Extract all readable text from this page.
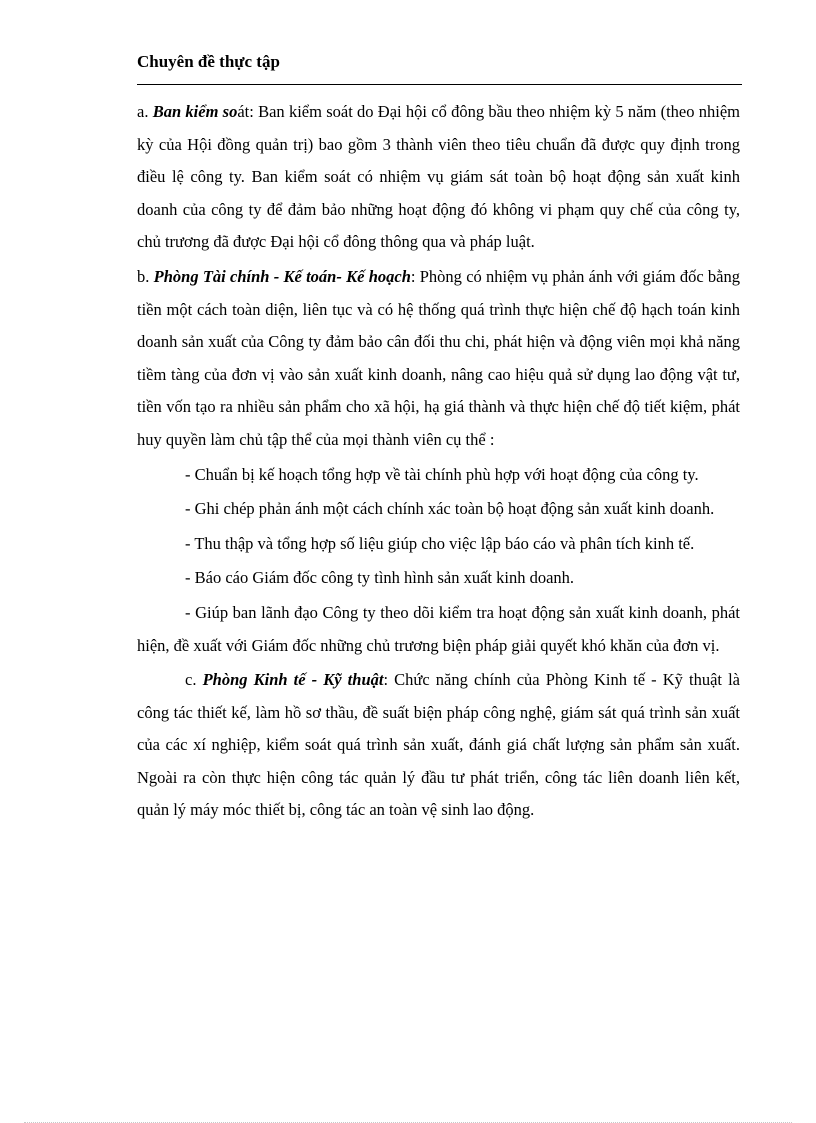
Chuyên đề thực tập

a. Ban kiểm soát: Ban kiểm soát do Đại hội cổ đông bầu theo nhiệm kỳ 5 năm (theo nhiệm kỳ của Hội đồng quản trị) bao gồm 3 thành viên theo tiêu chuẩn đã được quy định trong điều lệ công ty. Ban kiểm soát có nhiệm vụ giám sát toàn bộ hoạt động sản xuất kinh doanh của công ty để đảm bảo những hoạt động đó không vi phạm quy chế của công ty, chủ trương đã được Đại hội cổ đông thông qua và pháp luật.

b. Phòng Tài chính - Kế toán- Kế hoạch: Phòng có nhiệm vụ phản ánh với giám đốc bằng tiền một cách toàn diện, liên tục và có hệ thống quá trình thực hiện chế độ hạch toán kinh doanh sản xuất của Công ty đảm bảo cân đối thu chi, phát hiện và động viên mọi khả năng tiềm tàng của đơn vị vào sản xuất kinh doanh, nâng cao hiệu quả sử dụng lao động vật tư, tiền vốn tạo ra nhiều sản phẩm cho xã hội, hạ giá thành và thực hiện chế độ tiết kiệm, phát huy quyền làm chủ tập thể của mọi thành viên cụ thể :

- Chuẩn bị kế hoạch tổng hợp về tài chính phù hợp với hoạt động của công ty.

- Ghi chép phản ánh một cách chính xác toàn bộ hoạt động sản xuất kinh doanh.

- Thu thập và tổng hợp số liệu giúp cho việc lập báo cáo và phân tích kinh tế.

- Báo cáo Giám đốc công ty tình hình sản xuất kinh doanh.

- Giúp ban lãnh đạo Công ty theo dõi kiểm tra hoạt động sản xuất kinh doanh, phát hiện, đề xuất với Giám đốc những chủ trương biện pháp giải quyết khó khăn của đơn vị.

c. Phòng Kinh tế - Kỹ thuật: Chức năng chính của Phòng Kinh tế - Kỹ thuật là công tác thiết kế, làm hồ sơ thầu, đề suất biện pháp công nghệ, giám sát quá trình sản xuất của các xí nghiệp, kiểm soát quá trình sản xuất, đánh giá chất lượng sản phẩm sản xuất. Ngoài ra còn thực hiện công tác quản lý đầu tư phát triển, công tác liên doanh liên kết, quản lý máy móc thiết bị, công tác an toàn vệ sinh lao động.
